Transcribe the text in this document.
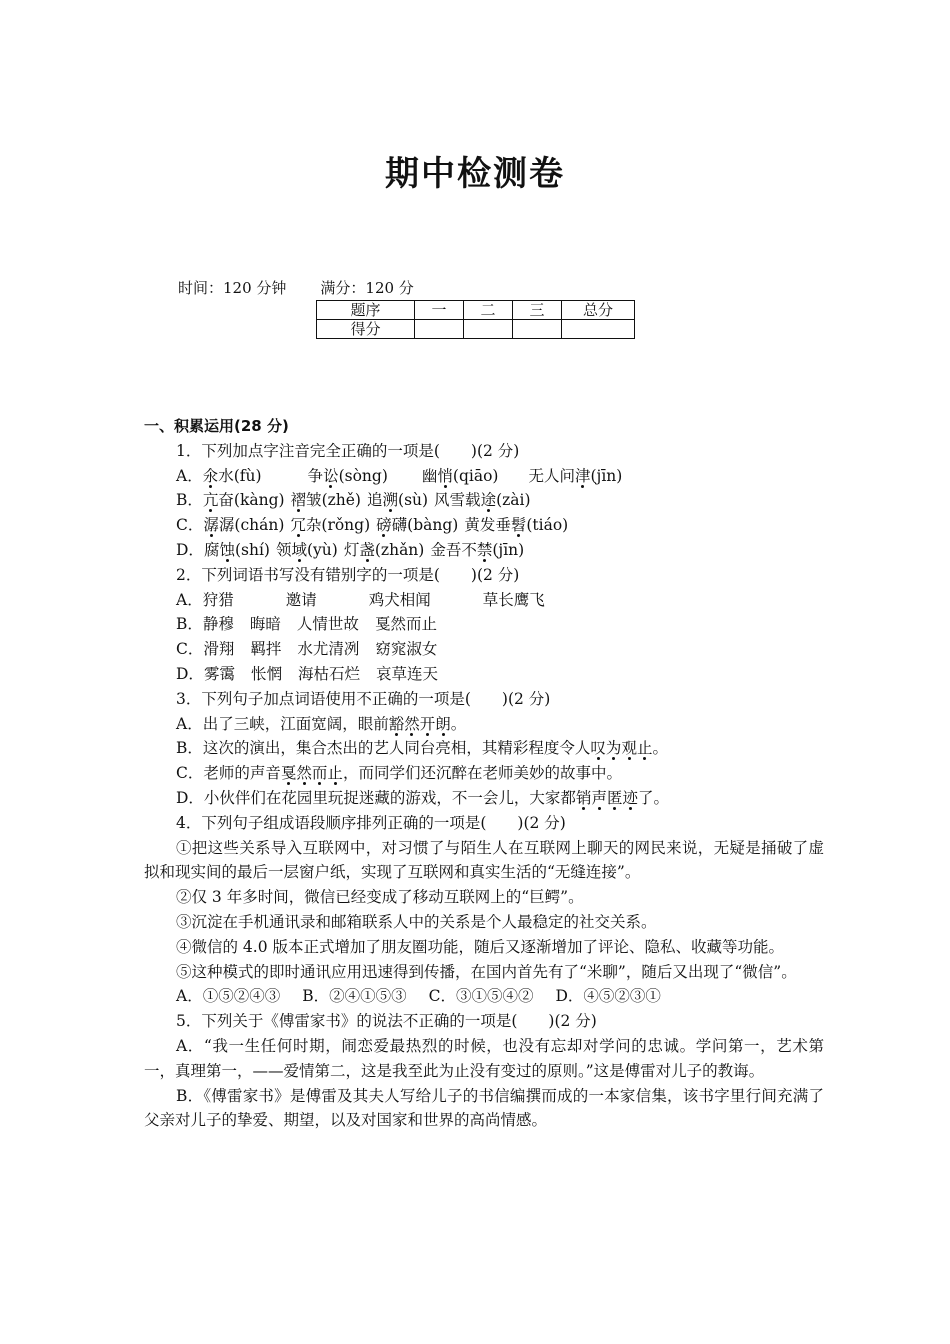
期中检测卷
时间：120 分钟 满分：120 分
题序	一	二	三	总分
得分				
一、积累运用(28 分)
1．下列加点字注音完全正确的一项是(　　)(2 分)
A．氽水(fù)	争讼(sòng) 幽悄(qiāo) 无人问津(jīn)
B．亢奋(kàng) 褶皱(zhě) 追溯(sù) 风雪载途(zài)
C．潺潺(chán) 冗杂(rǒng) 磅礴(bàng) 黄发垂髫(tiáo)
D．腐蚀(shí) 领域(yù) 灯盏(zhǎn) 金吾不禁(jīn)
2．下列词语书写没有错别字的一项是(　　)(2 分)
A．狩猎	邀请	鸡犬相闻	草长鹰飞
B．静穆 晦暗 人情世故 戛然而止
C．滑翔 羁拌 水尤清冽 窈窕淑女
D．雾霭 怅惘 海枯石烂 哀草连天
3．下列句子加点词语使用不正确的一项是(　　)(2 分)
A．出了三峡，江面宽阔，眼前豁然开朗。
B．这次的演出，集合杰出的艺人同台亮相，其精彩程度令人叹为观止。
C．老师的声音戛然而止，而同学们还沉醉在老师美妙的故事中。
D．小伙伴们在花园里玩捉迷藏的游戏，不一会儿，大家都销声匿迹了。
4．下列句子组成语段顺序排列正确的一项是(　　)(2 分)
①把这些关系导入互联网中，对习惯了与陌生人在互联网上聊天的网民来说，无疑是捅破了虚拟和现实间的最后一层窗户纸，实现了互联网和真实生活的“无缝连接”。
②仅 3 年多时间，微信已经变成了移动互联网上的“巨鳄”。
③沉淀在手机通讯录和邮箱联系人中的关系是个人最稳定的社交关系。
④微信的 4.0 版本正式增加了朋友圈功能，随后又逐渐增加了评论、隐私、收藏等功能。
⑤这种模式的即时通讯应用迅速得到传播，在国内首先有了“米聊”，随后又出现了“微信”。
A．①⑤②④③ B．②④①⑤③ C．③①⑤④② D．④⑤②③①
5．下列关于《傅雷家书》的说法不正确的一项是(　　)(2 分)
A．“我一生任何时期，闹恋爱最热烈的时候，也没有忘却对学问的忠诚。学问第一，艺术第一，真理第一，——爱情第二，这是我至此为止没有变过的原则。”这是傅雷对儿子的教诲。
B．《傅雷家书》是傅雷及其夫人写给儿子的书信编撰而成的一本家信集，该书字里行间充满了父亲对儿子的挚爱、期望，以及对国家和世界的高尚情感。
